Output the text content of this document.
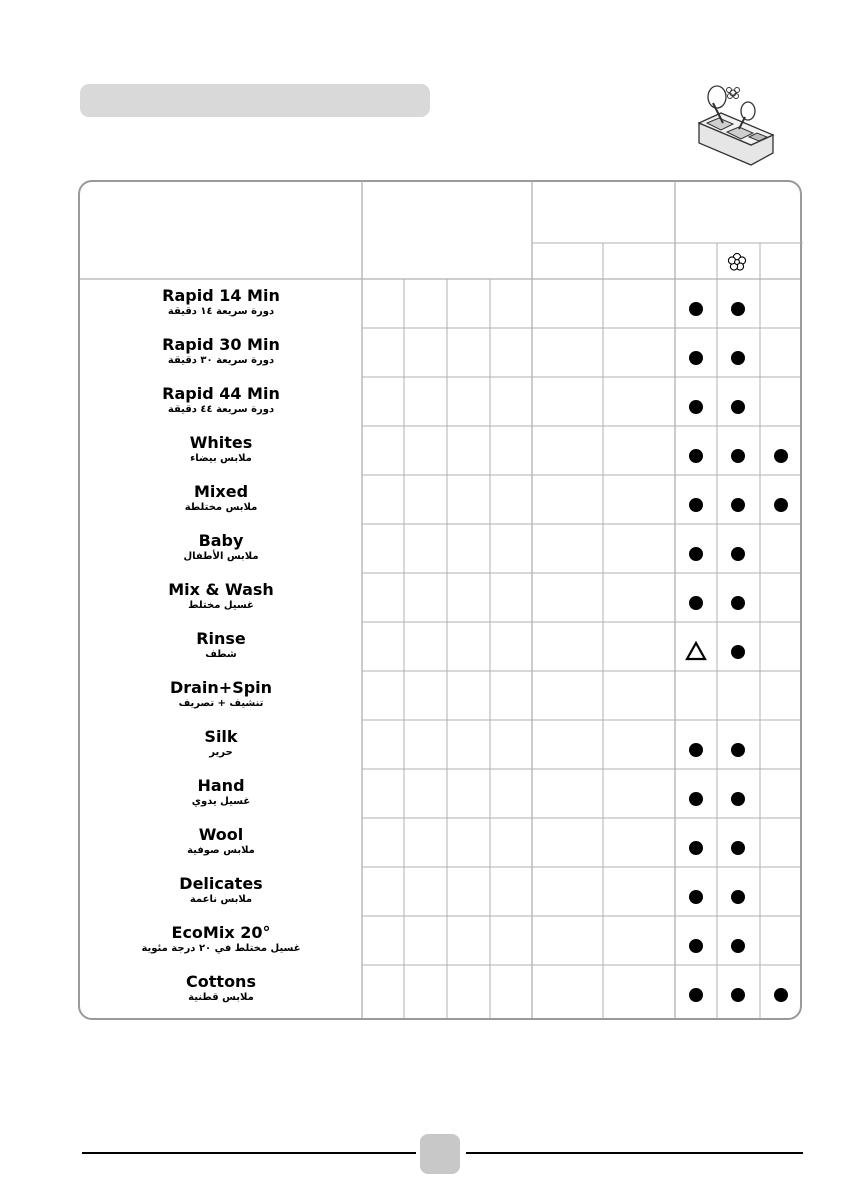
Rapid 14 Min
دورة سريعة ١٤ دقيقة
Rapid 30 Min
دورة سريعة ٣٠ دقيقة
Rapid 44 Min
دورة سريعة ٤٤ دقيقة
Whites
ملابس بيضاء
Mixed
ملابس مختلطة
Baby
ملابس الأطفال
Mix & Wash
غسيل مختلط
Rinse
شطف
Drain+Spin
تنشيف + تصريف
Silk
حرير
Hand
غسيل يدوي
Wool
ملابس صوفية
Delicates
ملابس ناعمة
EcoMix 20°
غسيل مختلط في ٢٠ درجة مئوية
Cottons
ملابس قطنية
